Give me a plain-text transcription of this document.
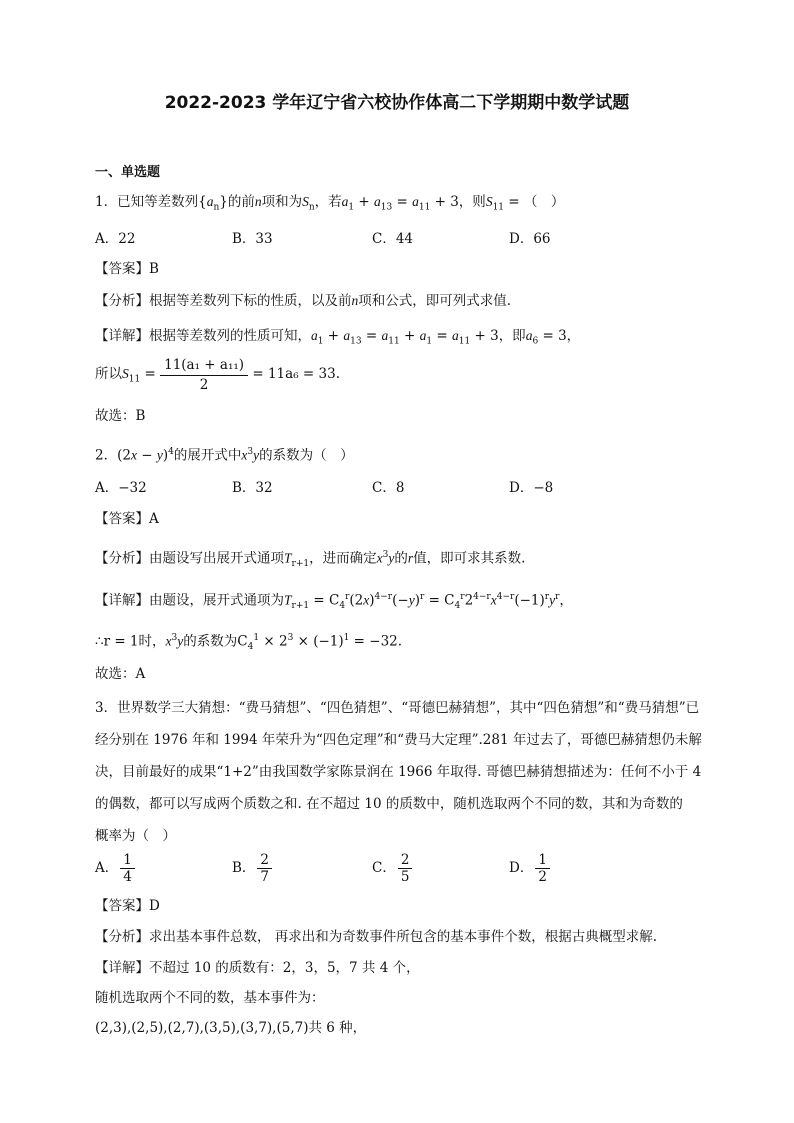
2022-2023 学年辽宁省六校协作体高二下学期期中数学试题
一、单选题
1．已知等差数列$\{a_n\}$的前n项和为$S_n$，若$a_1 + a_{13} = a_{11} + 3$，则$S_{11}$ = （　）
A．22	B．33	C．44	D．66
【答案】B
【分析】根据等差数列下标的性质，以及前n项和公式，即可列式求值.
【详解】根据等差数列的性质可知，$a_1 + a_{13} = a_{11} + a_1 = a_{11} + 3$，即$a_6 = 3$，
所以$S_{11} = \frac{\text{11(a₁ + a₁₁)}}{2} = 11a_6 = 33$.
故选：B
2．$(2x - y)^4$的展开式中$x^3y$的系数为（　）
A．−32	B．32	C．8	D．−8
【答案】A
【分析】由题设写出展开式通项$T_{r+1}$，进而确定$x^3y$的r值，即可求其系数.
【详解】由题设，展开式通项为$T_{r+1} = C_4^r(2x)^{4-r}(-y)^r = C_4^r2^{4-r}x^{4-r}(-1)^ry^r$，
∴r = 1时，$x^3y$的系数为$C_4^1 \times 2^3 \times (-1)^1 = -32$.
故选：A
3．世界数学三大猜想：“费马猜想”、“四色猜想”、“哥德巴赫猜想”，其中“四色猜想”和“费马猜想”已
经分别在 1976 年和 1994 年荣升为“四色定理”和“费马大定理”.281 年过去了，哥德巴赫猜想仍未解
决，目前最好的成果“1+2”由我国数学家陈景润在 1966 年取得. 哥德巴赫猜想描述为：任何不小于 4
的偶数，都可以写成两个质数之和. 在不超过 10 的质数中，随机选取两个不同的数，其和为奇数的
概率为（　）
A． $\frac{1}{4}$	B． $\frac{2}{7}$	C． $\frac{2}{5}$	D． $\frac{1}{2}$
【答案】D
【分析】求出基本事件总数， 再求出和为奇数事件所包含的基本事件个数，根据古典概型求解.
【详解】不超过 10 的质数有：2，3，5，7 共 4 个，
随机选取两个不同的数，基本事件为：
(2,3),(2,5),(2,7),(3,5),(3,7),(5,7)共 6 种，
